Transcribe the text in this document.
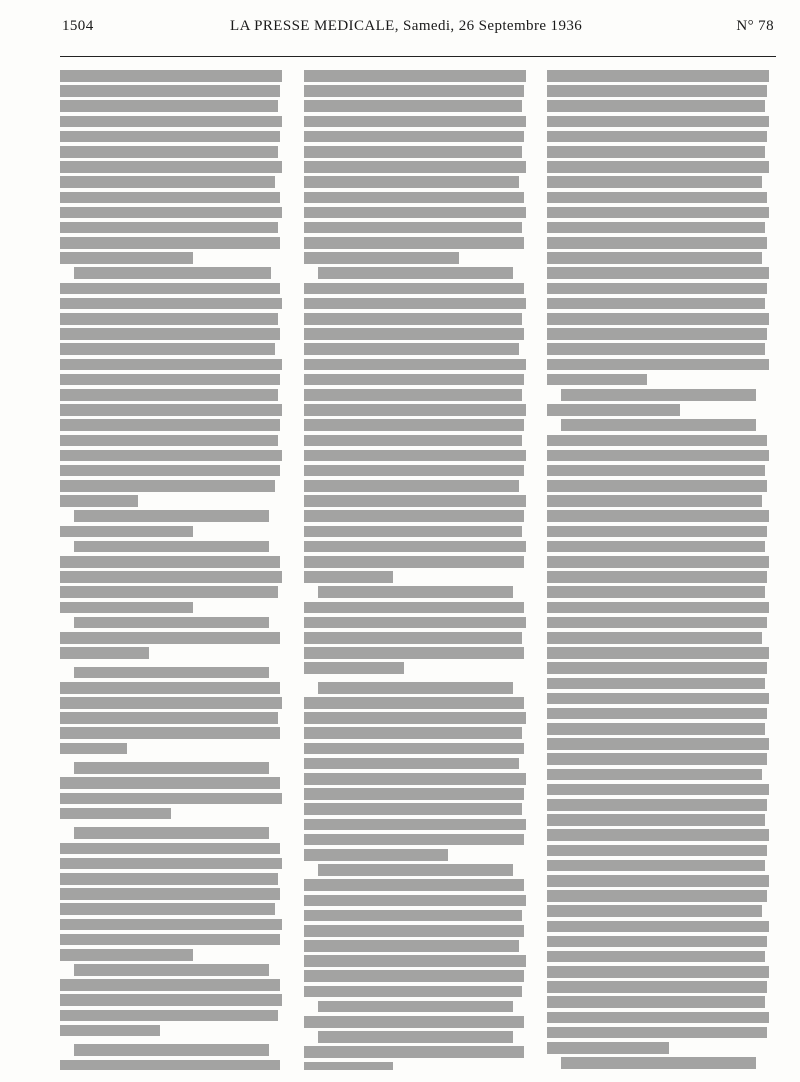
1504	LA PRESSE MEDICALE, Samedi, 26 Septembre 1936	N° 78
